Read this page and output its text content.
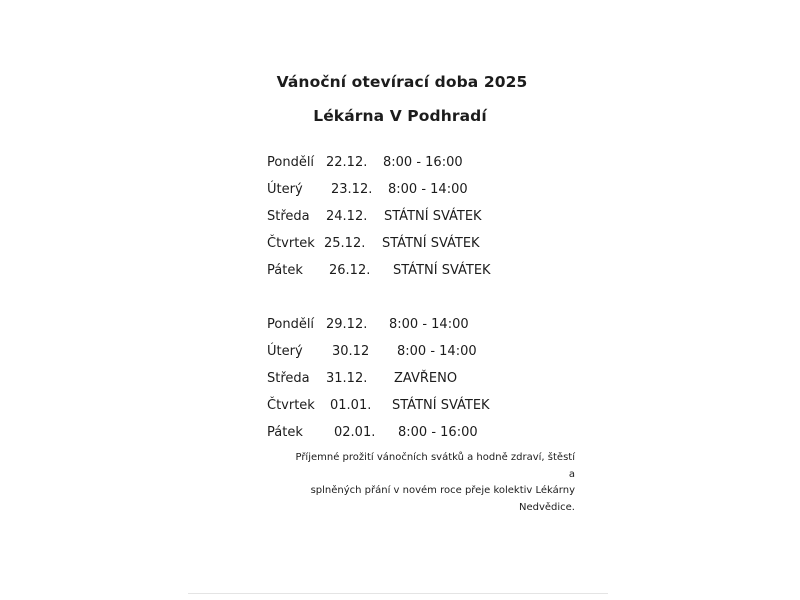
Vánoční otevírací doba 2025
Lékárna V Podhradí
Pondělí 22.12. 8:00 - 16:00
Úterý 23.12. 8:00 - 14:00
Středa 24.12. STÁTNÍ SVÁTEK
Čtvrtek 25.12. STÁTNÍ SVÁTEK
Pátek 26.12. STÁTNÍ SVÁTEK
Pondělí 29.12. 8:00 - 14:00
Úterý 30.12 8:00 - 14:00
Středa 31.12. ZAVŘENO
Čtvrtek 01.01. STÁTNÍ SVÁTEK
Pátek 02.01. 8:00 - 16:00
Příjemné prožití vánočních svátků a hodně zdraví, štěstí a
splněných přání v novém roce přeje kolektiv Lékárny
Nedvědice.
